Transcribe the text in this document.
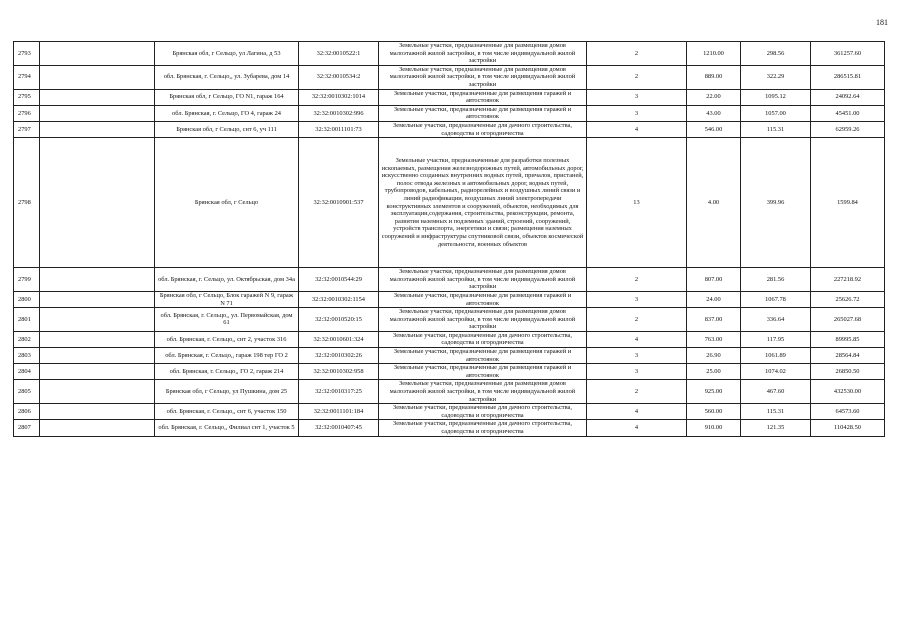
181
2793		Брянская обл, г Сельцо, ул Лагина, д 53	32:32:0010522:1	Земельные участки, предназначенные для размещения домов малоэтажной жилой застройки, в том числе индивидуальной жилой застройки	2	1210.00	298.56	361257.60
2794		обл. Брянская, г. Сельцо,, ул. Зубарева, дом 14	32:32:0010534:2	Земельные участки, предназначенные для размещения домов малоэтажной жилой застройки, в том числе индивидуальной жилой застройки	2	889.00	322.29	286515.81
2795		Брянская обл, г Сельцо, ГО N1, гараж 164	32:32:0010302:1014	Земельные участки, предназначенные для размещения гаражей и автостоянок	3	22.00	1095.12	24092.64
2796		обл. Брянская, г. Сельцо, ГО 4, гараж 24	32:32:0010302:996	Земельные участки, предназначенные для размещения гаражей и автостоянок	3	43.00	1057.00	45451.00
2797		Брянская обл, г Сельцо, снт 6, уч 111	32:32:0011101:73	Земельные участки, предназначенные для дачного строительства, садоводства и огородничества	4	546.00	115.31	62959.26
2798		Брянская обл, г Сельцо	32:32:0010901:537	Земельные участки, предназначенные для разработки полезных ископаемых, размещения железнодорожных путей, автомобильных дорог, искусственно созданных внутренних водных путей, причалов, пристаней, полос отвода железных и автомобильных дорог, водных путей, трубопроводов, кабельных, радиорелейных и воздушных линий связи и линий радиофикации, воздушных линий электропередачи конструктивных элементов и сооружений, объектов, необходимых для эксплуатации,содержания, строительства, реконструкции, ремонта, развития наземных и подземных зданий, строений, сооружений, устройств транспорта, энергетики и связи; размещения наземных сооружений и инфраструктуры спутниковой связи, объектов космической деятельности, военных объектов	13	4.00	399.96	1599.84
2799		обл. Брянская, г. Сельцо, ул. Октябрьская, дом 34а	32:32:0010544:29	Земельные участки, предназначенные для размещения домов малоэтажной жилой застройки, в том числе индивидуальной жилой застройки	2	807.00	281.56	227218.92
2800		Брянская обл, г Сельцо, Блок гаражей N 9, гараж N 71	32:32:0010302:1154	Земельные участки, предназначенные для размещения гаражей и автостоянок	3	24.00	1067.78	25626.72
2801		обл. Брянская, г. Сельцо,, ул. Первомайская, дом 61	32:32:0010520:15	Земельные участки, предназначенные для размещения домов малоэтажной жилой застройки, в том числе индивидуальной жилой застройки	2	837.00	336.64	265027.68
2802		обл. Брянская, г. Сельцо,, снт 2, участок 316	32:32:0010601:324	Земельные участки, предназначенные для дачного строительства, садоводства и огородничества	4	763.00	117.95	89995.85
2803		обл. Брянская, г. Сельцо,, гараж 198 тер ГО 2	32:32:0010302:26	Земельные участки, предназначенные для размещения гаражей и автостоянок	3	26.90	1061.89	28564.84
2804		обл. Брянская, г. Сельцо,, ГО 2, гараж 214	32:32:0010302:958	Земельные участки, предназначенные для размещения гаражей и автостоянок	3	25.00	1074.02	26850.50
2805		Брянская обл, г Сельцо, ул Пушкина, дом 25	32:32:0010317:25	Земельные участки, предназначенные для размещения домов малоэтажной жилой застройки, в том числе индивидуальной жилой застройки	2	925.00	467.60	432530.00
2806		обл. Брянская, г. Сельцо,, снт 6, участок 150	32:32:0011101:184	Земельные участки, предназначенные для дачного строительства, садоводства и огородничества	4	560.00	115.31	64573.60
2807		обл. Брянская, г. Сельцо,, Филиал снт 1, участок 5	32:32:0010407:45	Земельные участки, предназначенные для дачного строительства, садоводства и огородничества	4	910.00	121.35	110428.50
